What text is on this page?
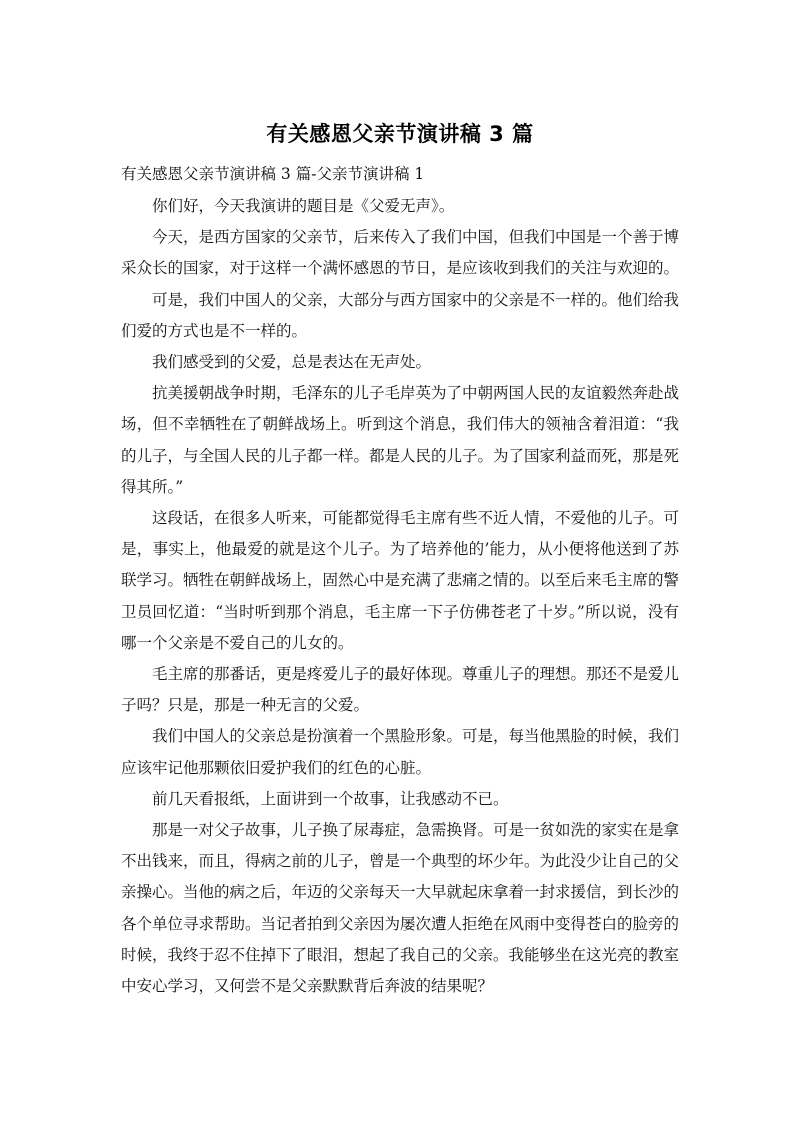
有关感恩父亲节演讲稿 3 篇
有关感恩父亲节演讲稿 3 篇-父亲节演讲稿 1

你们好，今天我演讲的题目是《父爱无声》。

今天，是西方国家的父亲节，后来传入了我们中国，但我们中国是一个善于博采众长的国家，对于这样一个满怀感恩的节日，是应该收到我们的关注与欢迎的。

可是，我们中国人的父亲，大部分与西方国家中的父亲是不一样的。他们给我们爱的方式也是不一样的。

我们感受到的父爱，总是表达在无声处。

抗美援朝战争时期，毛泽东的儿子毛岸英为了中朝两国人民的友谊毅然奔赴战场，但不幸牺牲在了朝鲜战场上。听到这个消息，我们伟大的领袖含着泪道：“我的儿子，与全国人民的儿子都一样。都是人民的儿子。为了国家利益而死，那是死得其所。”

这段话，在很多人听来，可能都觉得毛主席有些不近人情，不爱他的儿子。可是，事实上，他最爱的就是这个儿子。为了培养他的’能力，从小便将他送到了苏联学习。牺牲在朝鲜战场上，固然心中是充满了悲痛之情的。以至后来毛主席的警卫员回忆道：“当时听到那个消息，毛主席一下子仿佛苍老了十岁。”所以说，没有哪一个父亲是不爱自己的儿女的。

毛主席的那番话，更是疼爱儿子的最好体现。尊重儿子的理想。那还不是爱儿子吗？只是，那是一种无言的父爱。

我们中国人的父亲总是扮演着一个黑脸形象。可是，每当他黑脸的时候，我们应该牢记他那颗依旧爱护我们的红色的心脏。

前几天看报纸，上面讲到一个故事，让我感动不已。

那是一对父子故事，儿子换了尿毒症，急需换肾。可是一贫如洗的家实在是拿不出钱来，而且，得病之前的儿子，曾是一个典型的坏少年。为此没少让自己的父亲操心。当他的病之后，年迈的父亲每天一大早就起床拿着一封求援信，到长沙的各个单位寻求帮助。当记者拍到父亲因为屡次遭人拒绝在风雨中变得苍白的脸旁的时候，我终于忍不住掉下了眼泪，想起了我自己的父亲。我能够坐在这光亮的教室中安心学习，又何尝不是父亲默默背后奔波的结果呢？
